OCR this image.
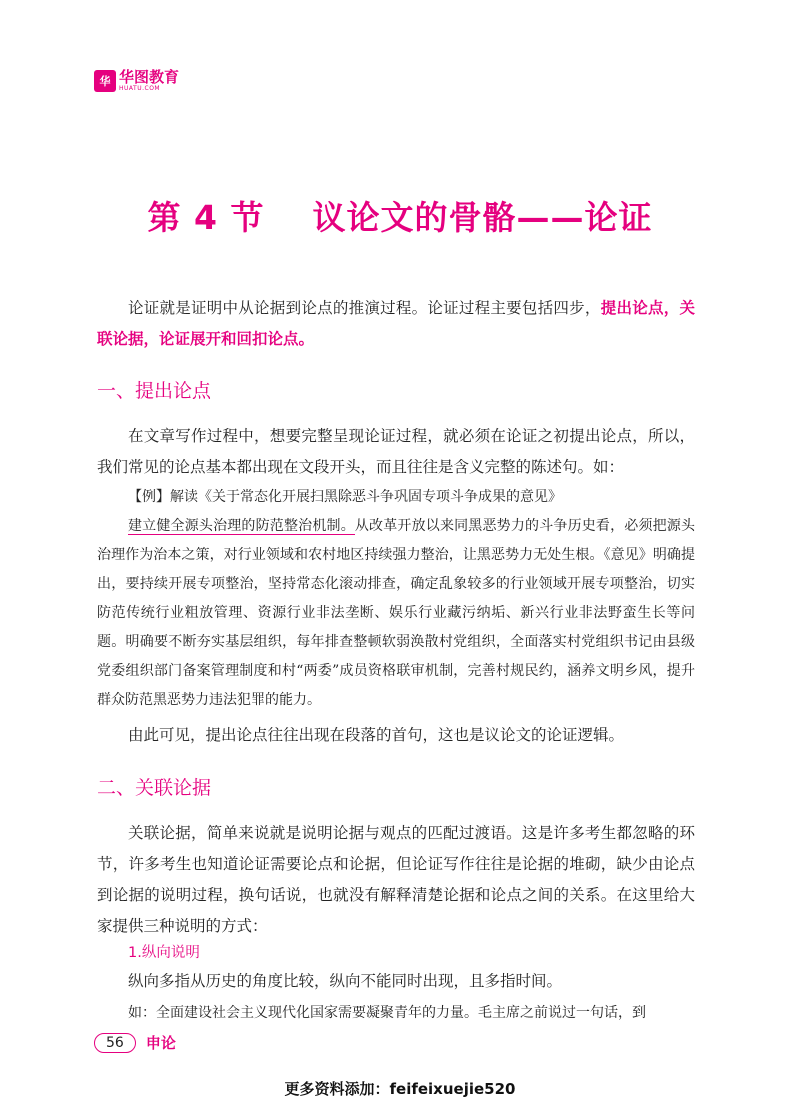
华 华图教育
HUATU.COM
第 4 节 议论文的骨骼——论证

论证就是证明中从论据到论点的推演过程。论证过程主要包括四步，提出论点，关联论据，论证展开和回扣论点。

一、提出论点

在文章写作过程中，想要完整呈现论证过程，就必须在论证之初提出论点，所以，我们常见的论点基本都出现在文段开头，而且往往是含义完整的陈述句。如：

【例】解读《关于常态化开展扫黑除恶斗争巩固专项斗争成果的意见》

建立健全源头治理的防范整治机制。从改革开放以来同黑恶势力的斗争历史看，必须把源头治理作为治本之策，对行业领域和农村地区持续强力整治，让黑恶势力无处生根。《意见》明确提出，要持续开展专项整治，坚持常态化滚动排查，确定乱象较多的行业领域开展专项整治，切实防范传统行业粗放管理、资源行业非法垄断、娱乐行业藏污纳垢、新兴行业非法野蛮生长等问题。明确要不断夯实基层组织，每年排查整顿软弱涣散村党组织，全面落实村党组织书记由县级党委组织部门备案管理制度和村“两委”成员资格联审机制，完善村规民约，涵养文明乡风，提升群众防范黑恶势力违法犯罪的能力。

由此可见，提出论点往往出现在段落的首句，这也是议论文的论证逻辑。

二、关联论据

关联论据，简单来说就是说明论据与观点的匹配过渡语。这是许多考生都忽略的环节，许多考生也知道论证需要论点和论据，但论证写作往往是论据的堆砌，缺少由论点到论据的说明过程，换句话说，也就没有解释清楚论据和论点之间的关系。在这里给大家提供三种说明的方式：

1.纵向说明

纵向多指从历史的角度比较，纵向不能同时出现，且多指时间。

如：全面建设社会主义现代化国家需要凝聚青年的力量。毛主席之前说过一句话，到

56	申论
更多资料添加：feifeixuejie520
